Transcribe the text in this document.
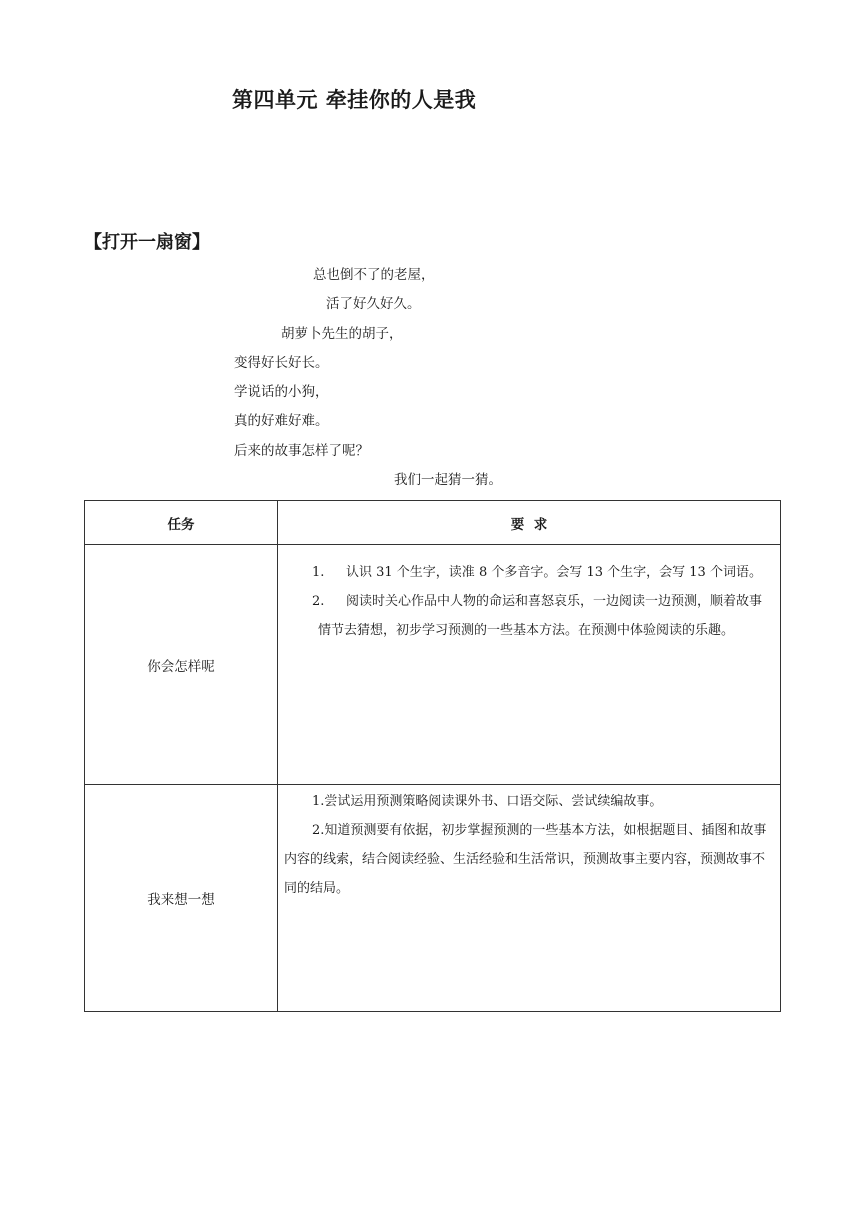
第四单元 牵挂你的人是我
【打开一扇窗】
总也倒不了的老屋，
活了好久好久。
胡萝卜先生的胡子，
变得好长好长。
学说话的小狗，
真的好难好难。
后来的故事怎样了呢？
我们一起猜一猜。
任务	要  求
你会怎样呢	1. 认识 31 个生字，读准 8 个多音字。会写 13 个生字，会写 13 个词语。
2. 阅读时关心作品中人物的命运和喜怒哀乐，一边阅读一边预测，顺着故事情节去猜想，初步学习预测的一些基本方法。在预测中体验阅读的乐趣。

我来想一想	1.尝试运用预测策略阅读课外书、口语交际、尝试续编故事。
2.知道预测要有依据，初步掌握预测的一些基本方法，如根据题目、插图和故事内容的线索，结合阅读经验、生活经验和生活常识，预测故事主要内容，预测故事不同的结局。
